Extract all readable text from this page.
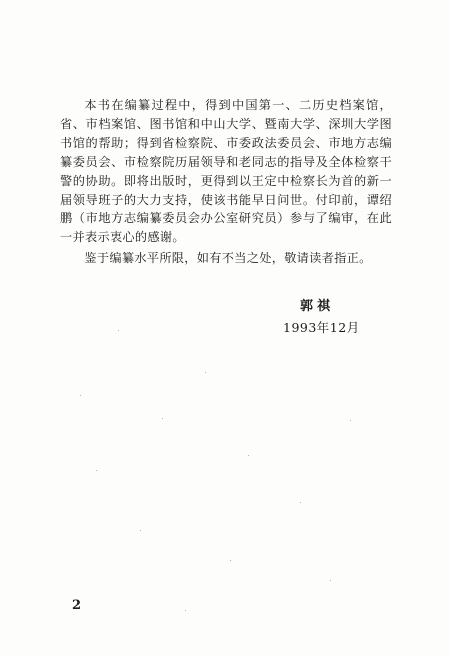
本书在编纂过程中，得到中国第一、二历史档案馆，省、市档案馆、图书馆和中山大学、暨南大学、深圳大学图书馆的帮助；得到省检察院、市委政法委员会、市地方志编纂委员会、市检察院历届领导和老同志的指导及全体检察干警的协助。即将出版时，更得到以王定中检察长为首的新一届领导班子的大力支持，使该书能早日问世。付印前，谭绍鹏（市地方志编纂委员会办公室研究员）参与了编审，在此一并表示衷心的感谢。

鉴于编纂水平所限，如有不当之处，敬请读者指正。

郭祺
1993年12月
2
